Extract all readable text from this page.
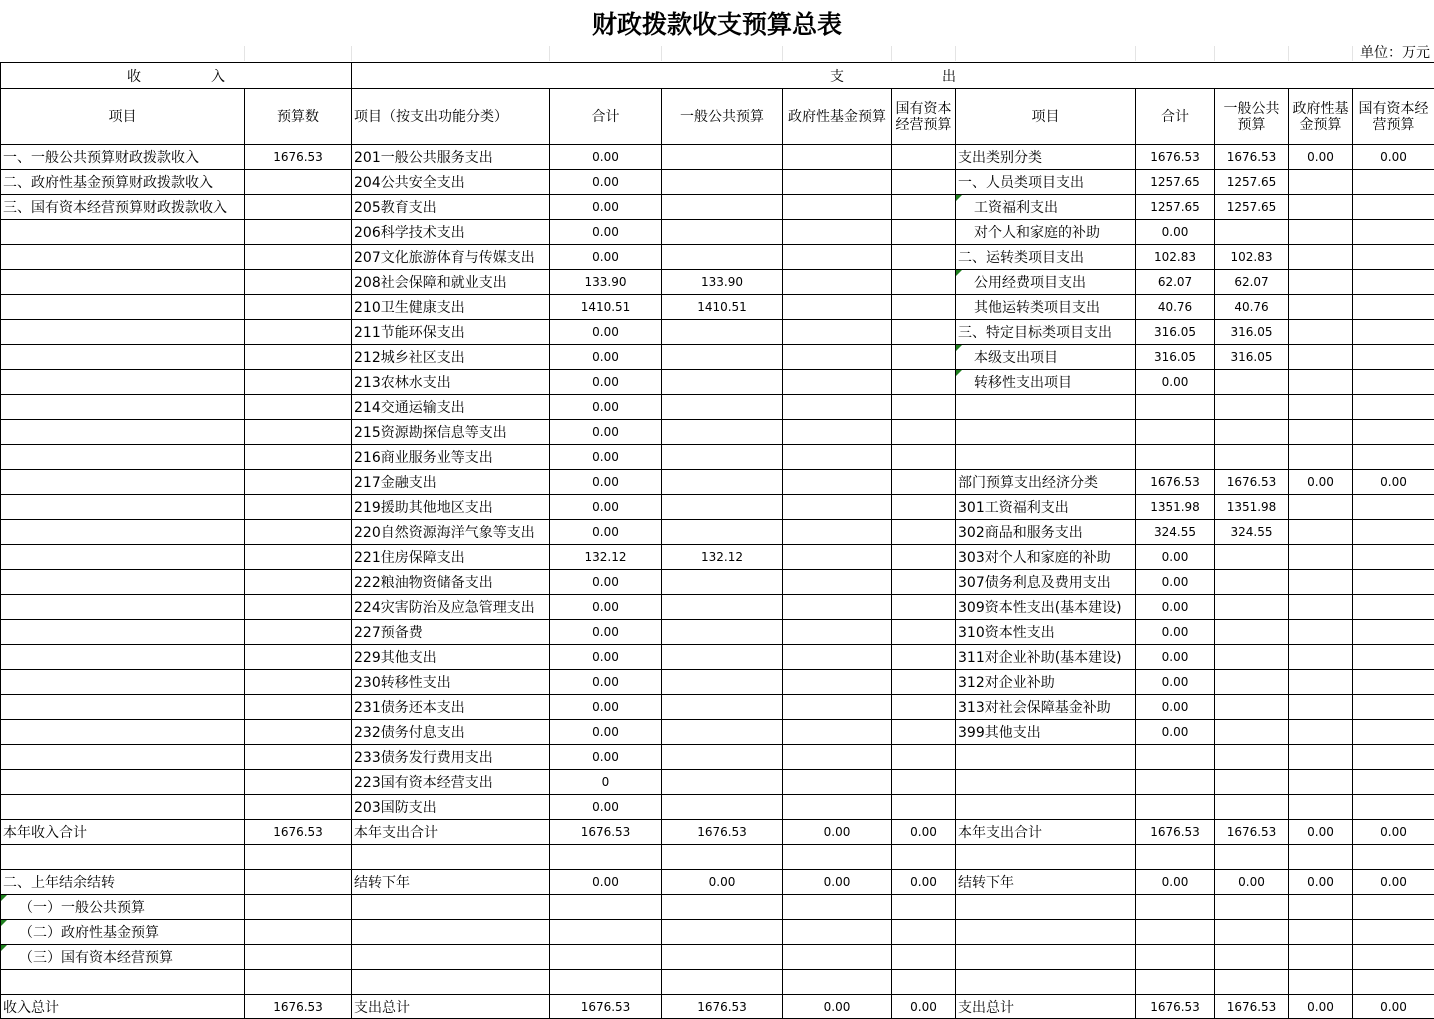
财政拨款收支预算总表
单位：万元
收　　　　　入		支　　　　　　　出									
项目	预算数	项目（按支出功能分类）	合计	一般公共预算	政府性基金预算	国有资本经营预算	项目	合计	一般公共预算	政府性基金预算	国有资本经营预算
一、一般公共预算财政拨款收入	1676.53	201一般公共服务支出	0.00				支出类别分类	1676.53	1676.53	0.00	0.00
二、政府性基金预算财政拨款收入		204公共安全支出	0.00				一、人员类项目支出	1257.65	1257.65		
三、国有资本经营预算财政拨款收入		205教育支出	0.00				工资福利支出	1257.65	1257.65		
		206科学技术支出	0.00				对个人和家庭的补助	0.00			
		207文化旅游体育与传媒支出	0.00				二、运转类项目支出	102.83	102.83		
		208社会保障和就业支出	133.90	133.90			公用经费项目支出	62.07	62.07		
		210卫生健康支出	1410.51	1410.51			其他运转类项目支出	40.76	40.76		
		211节能环保支出	0.00				三、特定目标类项目支出	316.05	316.05		
		212城乡社区支出	0.00				本级支出项目	316.05	316.05		
		213农林水支出	0.00				转移性支出项目	0.00			
		214交通运输支出	0.00								
		215资源勘探信息等支出	0.00								
		216商业服务业等支出	0.00								
		217金融支出	0.00				部门预算支出经济分类	1676.53	1676.53	0.00	0.00
		219援助其他地区支出	0.00				301工资福利支出	1351.98	1351.98		
		220自然资源海洋气象等支出	0.00				302商品和服务支出	324.55	324.55		
		221住房保障支出	132.12	132.12			303对个人和家庭的补助	0.00			
		222粮油物资储备支出	0.00				307债务利息及费用支出	0.00			
		224灾害防治及应急管理支出	0.00				309资本性支出(基本建设)	0.00			
		227预备费	0.00				310资本性支出	0.00			
		229其他支出	0.00				311对企业补助(基本建设)	0.00			
		230转移性支出	0.00				312对企业补助	0.00			
		231债务还本支出	0.00				313对社会保障基金补助	0.00			
		232债务付息支出	0.00				399其他支出	0.00			
		233债务发行费用支出	0.00								
		223国有资本经营支出	0								
		203国防支出	0.00								
本年收入合计	1676.53	本年支出合计	1676.53	1676.53	0.00	0.00	本年支出合计	1676.53	1676.53	0.00	0.00

二、上年结余结转		结转下年	0.00	0.00	0.00	0.00	结转下年	0.00	0.00	0.00	0.00
（一）一般公共预算											
（二）政府性基金预算											
（三）国有资本经营预算											

收入总计	1676.53	支出总计	1676.53	1676.53	0.00	0.00	支出总计	1676.53	1676.53	0.00	0.00
